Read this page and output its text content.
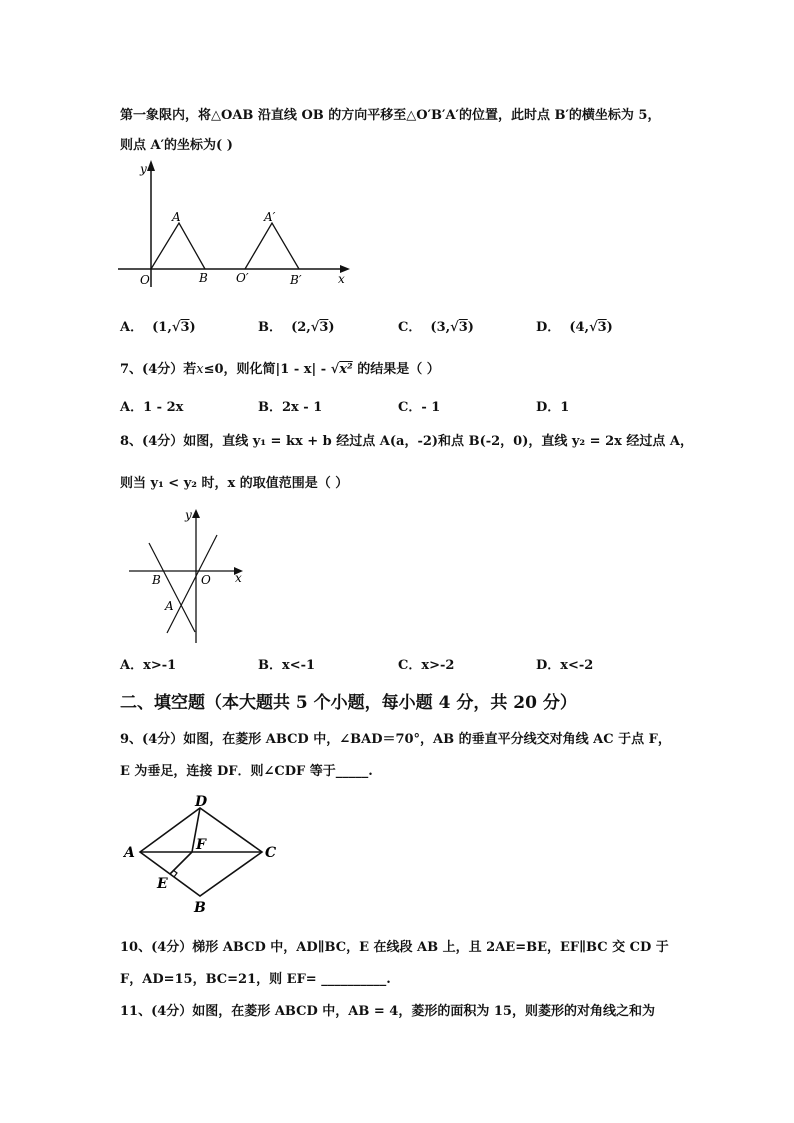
第一象限内，将△OAB 沿直线 OB 的方向平移至△O′B′A′的位置，此时点 B′的横坐标为 5，
则点 A′的坐标为( )
y
x
A	A′
O	B O′	B′
A． (1,√3)	B． (2,√3)	C． (3,√3)	D． (4,√3)
7、(4分）若x≤0，则化简|1 - x| - √x² 的结果是（ ）
A．1 - 2x	B．2x - 1	C．- 1	D．1
8、(4分）如图，直线 y₁ = kx + b 经过点 A(a，-2)和点 B(-2，0)，直线 y₂ = 2x 经过点 A，
则当 y₁ < y₂ 时，x 的取值范围是（ ）
y
x
B	O
A
A．x>-1	B．x<-1	C．x>-2	D．x<-2
二、填空题（本大题共 5 个小题，每小题 4 分，共 20 分）
9、(4分）如图，在菱形 ABCD 中，∠BAD＝70°，AB 的垂直平分线交对角线 AC 于点 F，
E 为垂足，连接 DF．则∠CDF 等于_____.
A
B
C
D
E
F
10、(4分）梯形 ABCD 中，AD∥BC，E 在线段 AB 上，且 2AE=BE，EF∥BC 交 CD 于
F，AD=15，BC=21，则 EF= __________.
11、(4分）如图，在菱形 ABCD 中，AB = 4，菱形的面积为 15，则菱形的对角线之和为
